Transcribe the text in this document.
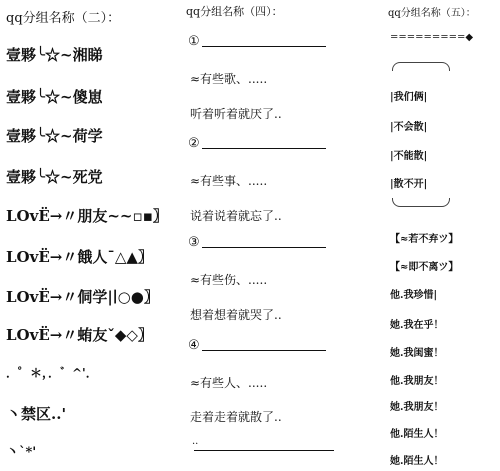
qq分组名称（二）：
壹夥╰☆~湘睇
壹夥╰☆~傻崽
壹夥╰☆~荷学
壹夥╰☆~死党
LOvË→〃朋友~~▫▪〗
LOvË→〃餓人ˉ△▲〗
LOvË→〃侗学|∣○●〗
LOvË→〃蛕友ˇ◆◇〗
．゜＊，．゛^'．
丶禁区..'
丶`*'
qq分组名称（四）：
①
≈有些歌、.....
听着听着就厌了..
②
≈有些事、.....
说着说着就忘了..
③
≈有些伤、.....
想着想着就哭了..
④
≈有些人、.....
走着走着就散了..
..
qq分组名称（五）：
=========◆
|我们俩|
|不会散|
|不能散|
|散不开|
【≈若不弃ツ】
【≈即不离ツ】
他.我珍惜|
她.我在乎！
她.我闺蜜！
他.我朋友！
她.我朋友！
他.陌生人！
她.陌生人！
